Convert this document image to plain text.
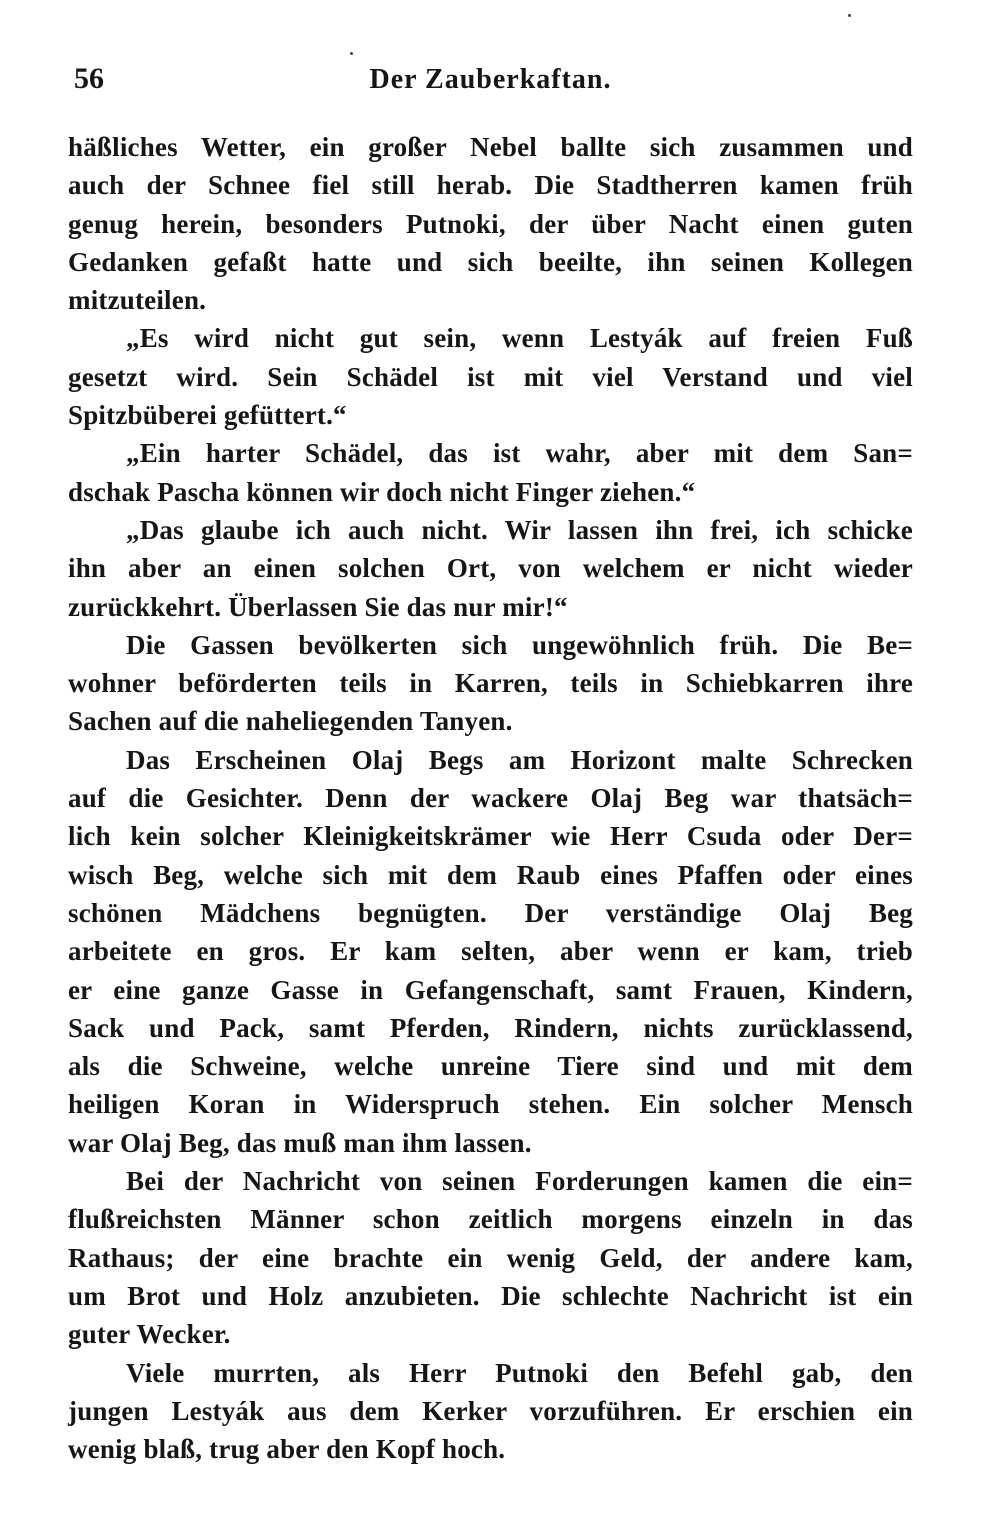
56	Der Zauberkaftan.
häßliches Wetter, ein großer Nebel ballte sich zusammen und
auch der Schnee fiel still herab. Die Stadtherren kamen früh
genug herein, besonders Putnoki, der über Nacht einen guten
Gedanken gefaßt hatte und sich beeilte, ihn seinen Kollegen
mitzuteilen.
„Es wird nicht gut sein, wenn Lestyák auf freien Fuß
gesetzt wird. Sein Schädel ist mit viel Verstand und viel
Spitzbüberei gefüttert.“
„Ein harter Schädel, das ist wahr, aber mit dem San=
dschak Pascha können wir doch nicht Finger ziehen.“
„Das glaube ich auch nicht. Wir lassen ihn frei, ich schicke
ihn aber an einen solchen Ort, von welchem er nicht wieder
zurückkehrt. Überlassen Sie das nur mir!“
Die Gassen bevölkerten sich ungewöhnlich früh. Die Be=
wohner beförderten teils in Karren, teils in Schiebkarren ihre
Sachen auf die naheliegenden Tanyen.
Das Erscheinen Olaj Begs am Horizont malte Schrecken
auf die Gesichter. Denn der wackere Olaj Beg war thatsäch=
lich kein solcher Kleinigkeitskrämer wie Herr Csuda oder Der=
wisch Beg, welche sich mit dem Raub eines Pfaffen oder eines
schönen Mädchens begnügten. Der verständige Olaj Beg
arbeitete en gros. Er kam selten, aber wenn er kam, trieb
er eine ganze Gasse in Gefangenschaft, samt Frauen, Kindern,
Sack und Pack, samt Pferden, Rindern, nichts zurücklassend,
als die Schweine, welche unreine Tiere sind und mit dem
heiligen Koran in Widerspruch stehen. Ein solcher Mensch
war Olaj Beg, das muß man ihm lassen.
Bei der Nachricht von seinen Forderungen kamen die ein=
flußreichsten Männer schon zeitlich morgens einzeln in das
Rathaus; der eine brachte ein wenig Geld, der andere kam,
um Brot und Holz anzubieten. Die schlechte Nachricht ist ein
guter Wecker.
Viele murrten, als Herr Putnoki den Befehl gab, den
jungen Lestyák aus dem Kerker vorzuführen. Er erschien ein
wenig blaß, trug aber den Kopf hoch.
